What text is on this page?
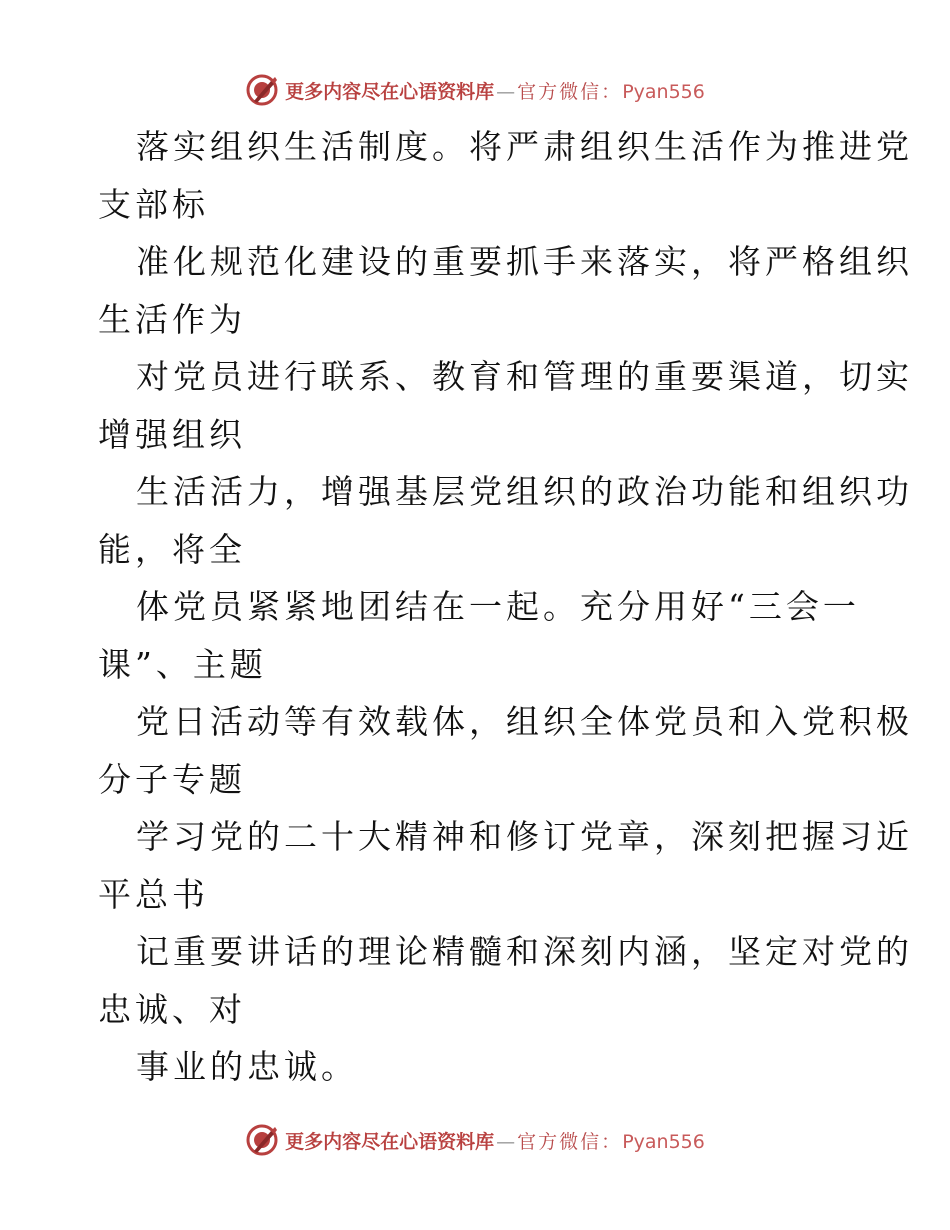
更多内容尽在心语资料库 — 官方微信：Pyan556

落实组织生活制度。将严肃组织生活作为推进党
支部标

准化规范化建设的重要抓手来落实，将严格组织
生活作为

对党员进行联系、教育和管理的重要渠道，切实
增强组织

生活活力，增强基层党组织的政治功能和组织功
能，将全

体党员紧紧地团结在一起。充分用好“三会一
课”、主题

党日活动等有效载体，组织全体党员和入党积极
分子专题

学习党的二十大精神和修订党章，深刻把握习近
平总书

记重要讲话的理论精髓和深刻内涵，坚定对党的
忠诚、对

事业的忠诚。

更多内容尽在心语资料库 — 官方微信：Pyan556
